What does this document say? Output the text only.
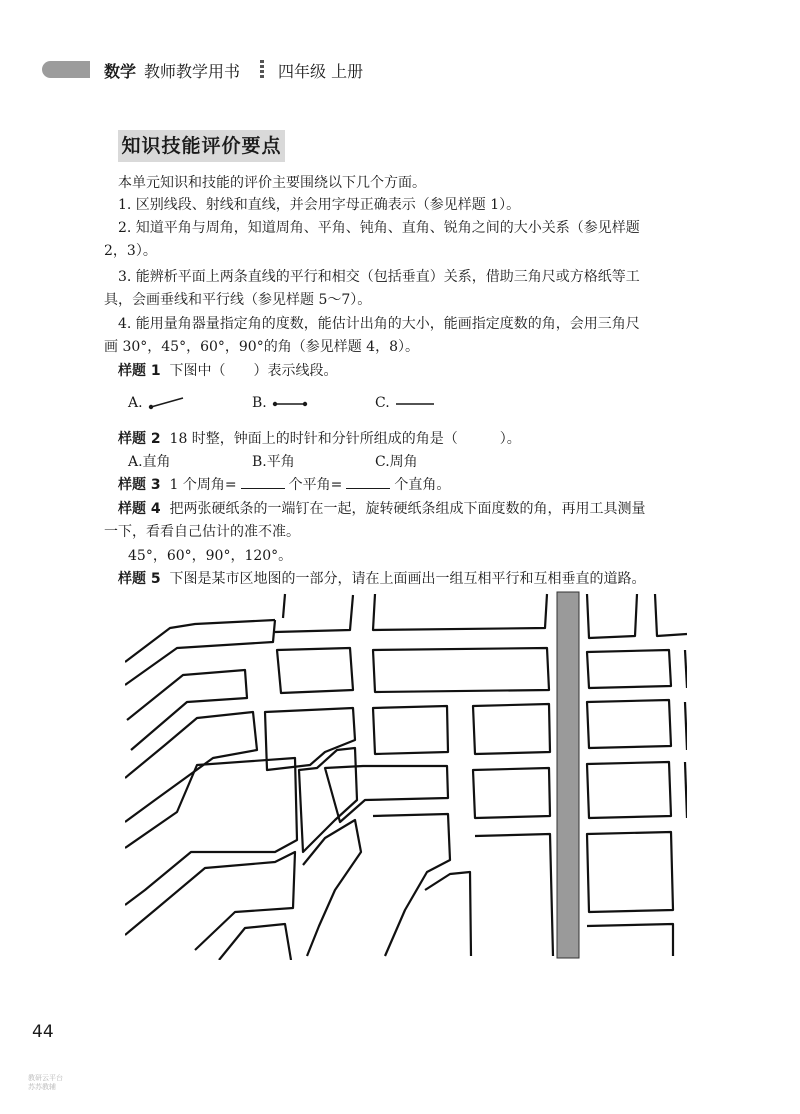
数学 教师教学用书 四年级 上册
知识技能评价要点
本单元知识和技能的评价主要围绕以下几个方面。
1. 区别线段、射线和直线，并会用字母正确表示（参见样题 1）。
2. 知道平角与周角，知道周角、平角、钝角、直角、锐角之间的大小关系（参见样题
2，3）。
3. 能辨析平面上两条直线的平行和相交（包括垂直）关系，借助三角尺或方格纸等工
具，会画垂线和平行线（参见样题 5～7）。
4. 能用量角器量指定角的度数，能估计出角的大小，能画指定度数的角，会用三角尺
画 30°，45°，60°，90°的角（参见样题 4，8）。
样题 1 下图中（　　）表示线段。
A.	B.	C.
样题 2 18 时整，钟面上的时针和分针所组成的角是（　　　）。
A.直角	B.平角	C.周角
样题 3 1 个周角=	个平角=	个直角。
样题 4 把两张硬纸条的一端钉在一起，旋转硬纸条组成下面度数的角，再用工具测量
一下，看看自己估计的准不准。
45°，60°，90°，120°。
样题 5 下图是某市区地图的一部分，请在上面画出一组互相平行和互相垂直的道路。
44
教研云平台
苏苏教辅
